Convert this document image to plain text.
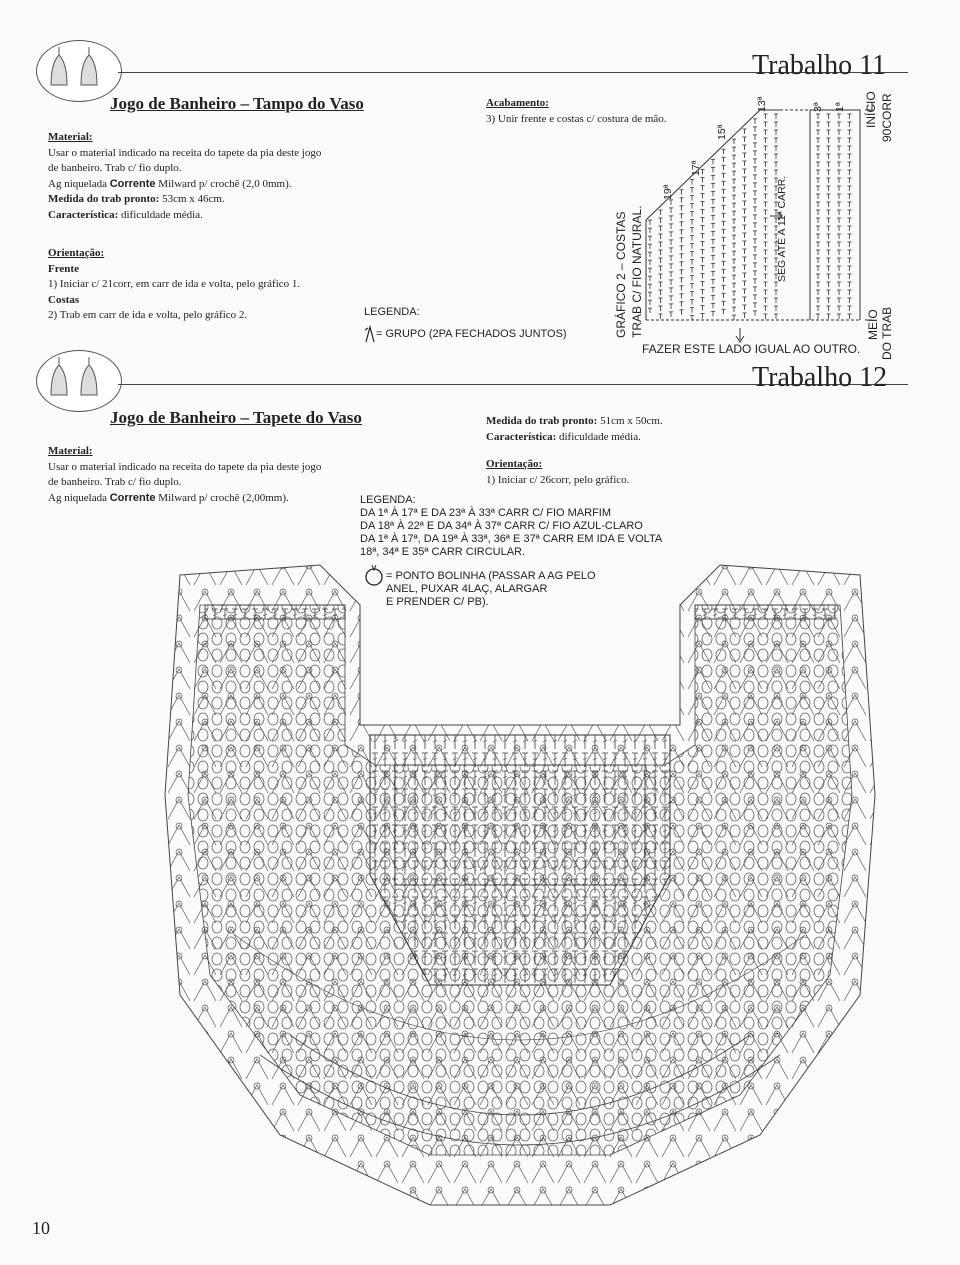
Trabalho 11
Jogo de Banheiro – Tampo do Vaso
Material:
Usar o material indicado na receita do tapete da pia deste jogo
de banheiro. Trab c/ fio duplo.
Ag niquelada Corrente Milward p/ crochê (2,0 0mm).
Medida do trab pronto: 53cm x 46cm.
Característica: dificuldade média.
Orientação:
Frente
1) Iniciar c/ 21corr, em carr de ida e volta, pelo gráfico 1.
Costas
2) Trab em carr de ida e volta, pelo gráfico 2.
Acabamento:
3) Unir frente e costas c/ costura de mão.
LEGENDA:
= GRUPO (2PA FECHADOS JUNTOS)	GRÁFICO 2 – COSTAS TRAB C/ FIO NATURAL.	SEG ATÉ A 11ª CARR.
19ª
17ª
15ª
13ª	3ª 1ª INÍCIO 90CORR
MEIO DO TRAB
FAZER ESTE LADO IGUAL AO OUTRO.
Trabalho 12
Jogo de Banheiro – Tapete do Vaso
Material:
Usar o material indicado na receita do tapete da pia deste jogo
de banheiro. Trab c/ fio duplo.
Ag niquelada Corrente Milward p/ crochê (2,00mm).
Medida do trab pronto: 51cm x 50cm.
Característica: dificuldade média.
Orientação:
1) Iniciar c/ 26corr, pelo gráfico.
LEGENDA:
DA 1ª À 17ª E DA 23ª À 33ª CARR C/ FIO MARFIM
DA 18ª À 22ª E DA 34ª À 37ª CARR C/ FIO AZUL-CLARO
DA 1ª À 17ª, DA 19ª À 33ª, 36ª E 37ª CARR EM IDA E VOLTA
18ª, 34ª E 35ª CARR CIRCULAR.
= PONTO BOLINHA (PASSAR A AG PELO
ANEL, PUXAR 4LAÇ, ALARGAR
E PRENDER C/ PB).
10
